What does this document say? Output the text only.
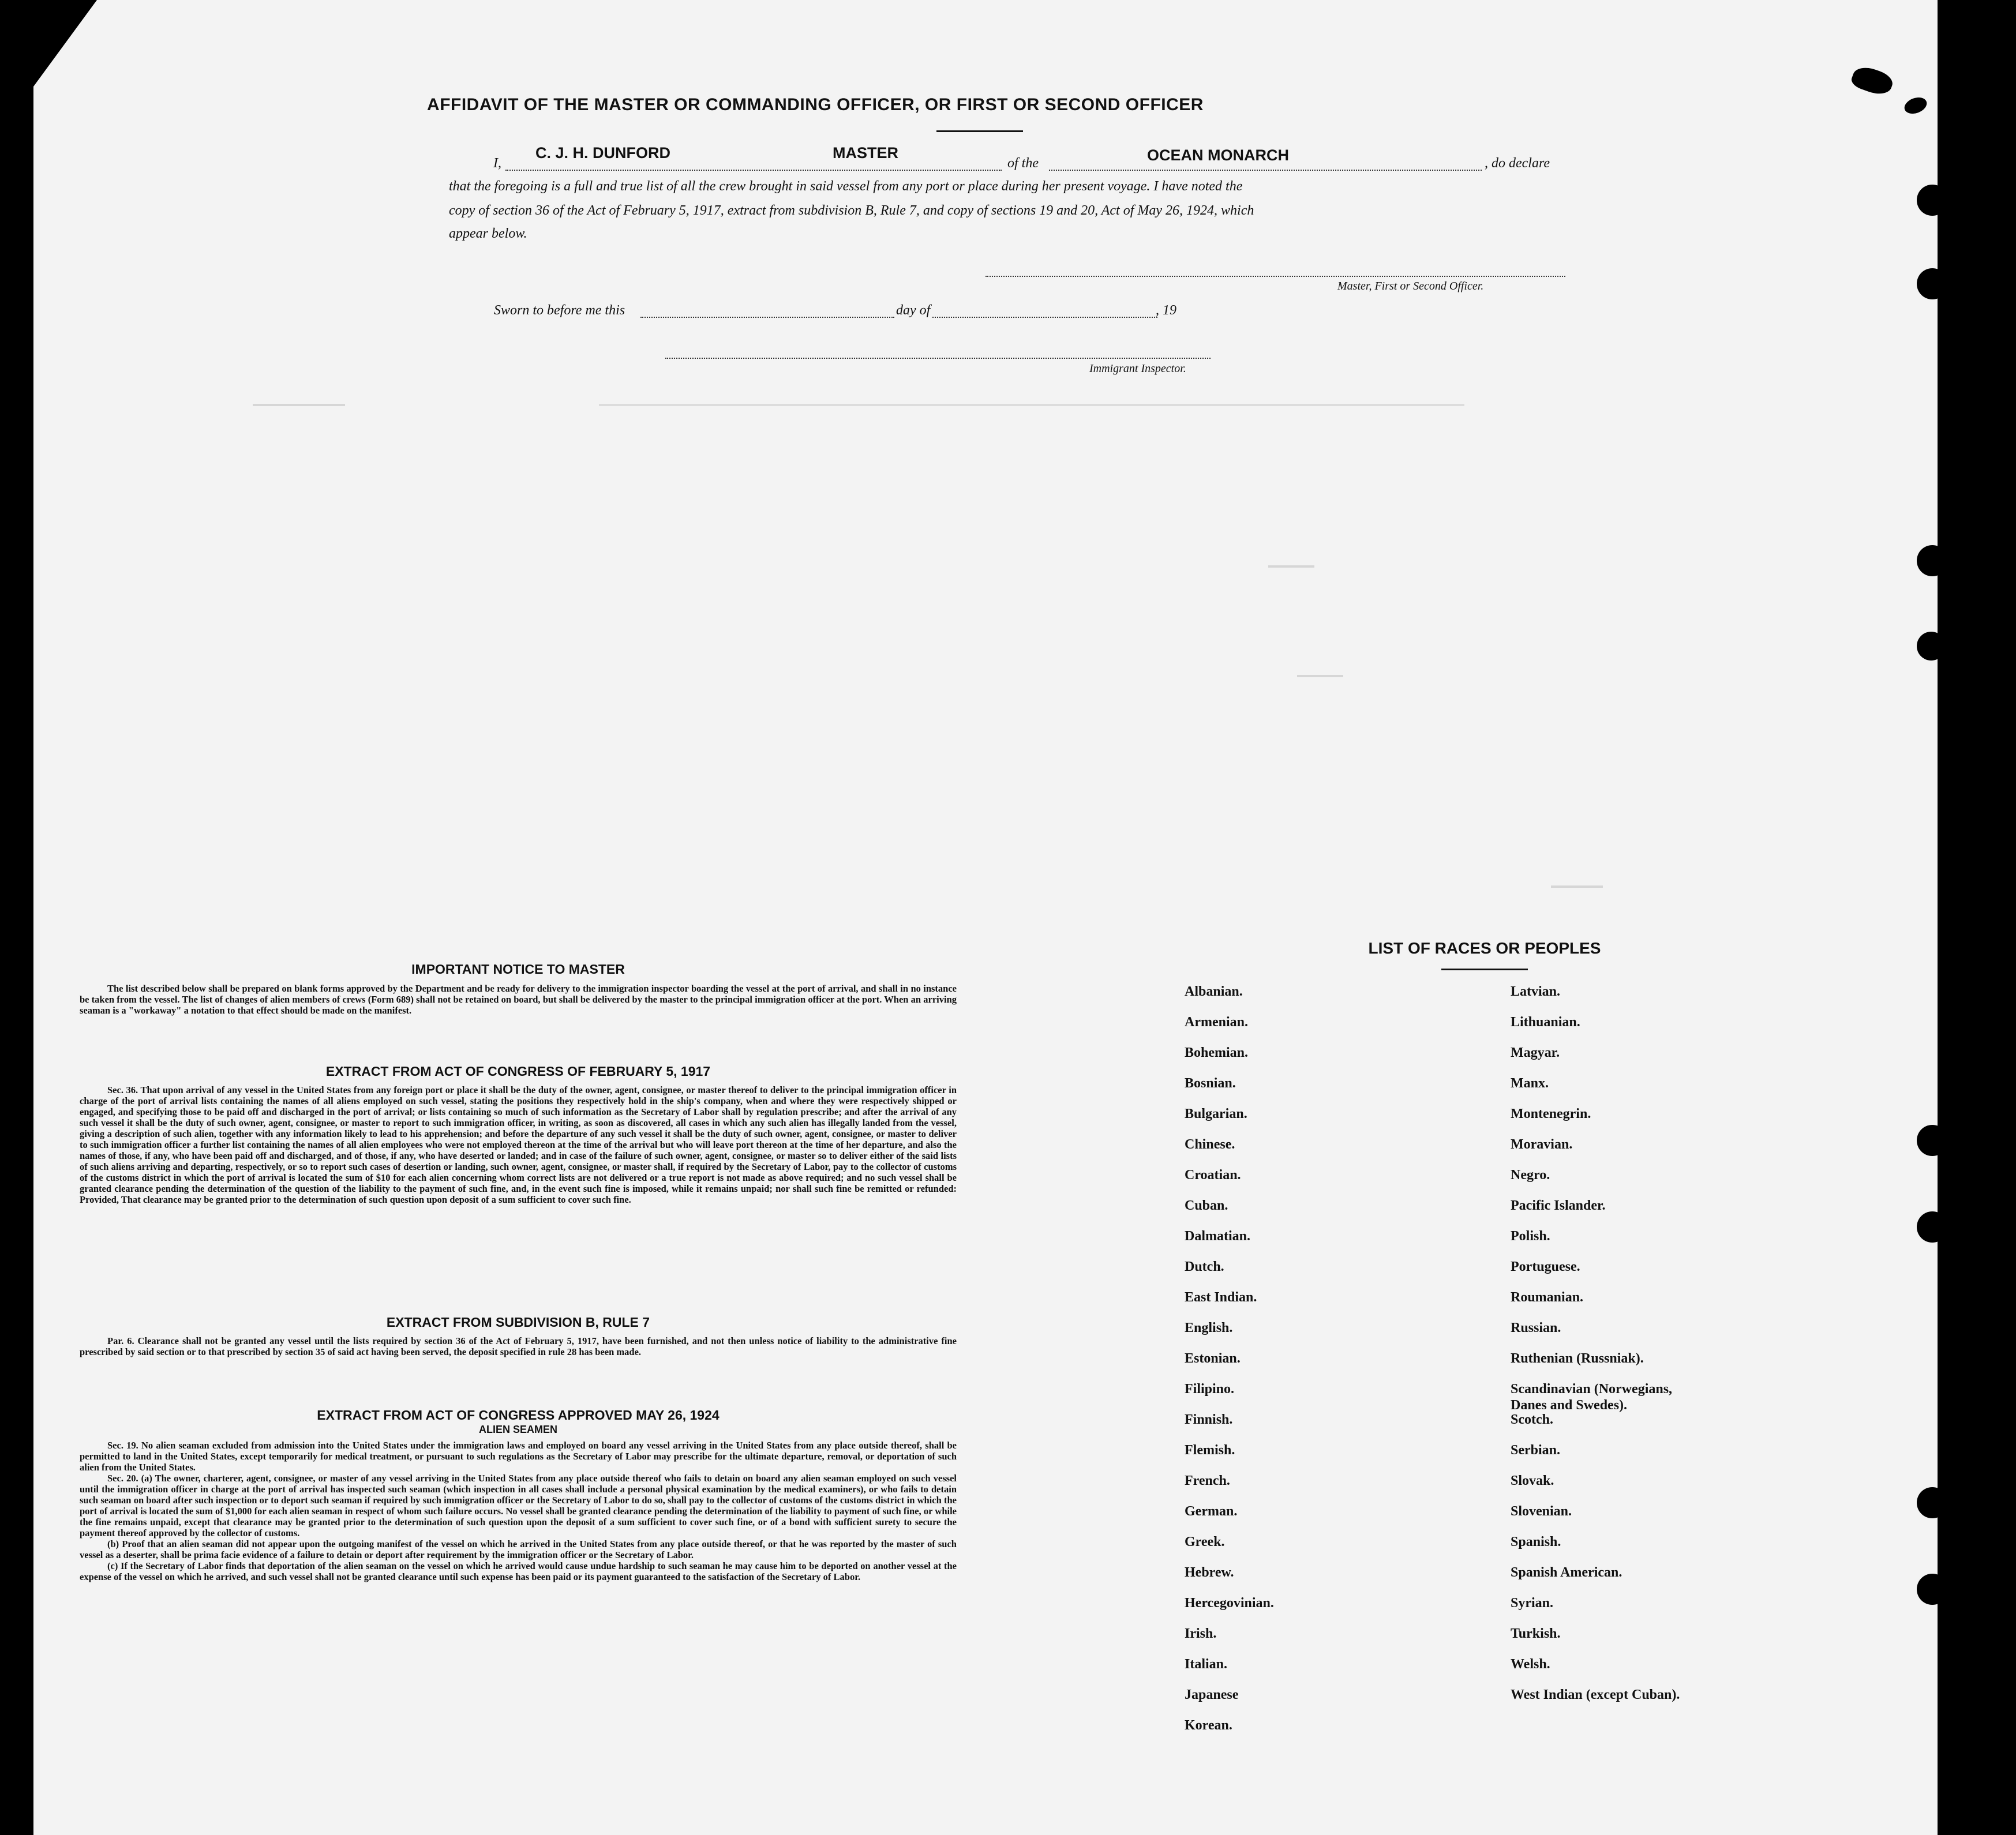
AFFIDAVIT OF THE MASTER OR COMMANDING OFFICER, OR FIRST OR SECOND OFFICER
I,
C. J. H. DUNFORD	MASTER
of the	OCEAN MONARCH	, do declare
that the foregoing is a full and true list of all the crew brought in said vessel from any port or place during her present voyage. I have noted the
copy of section 36 of the Act of February 5, 1917, extract from subdivision B, Rule 7, and copy of sections 19 and 20, Act of May 26, 1924, which
appear below.
Master, First or Second Officer.
Sworn to before me this	day of	, 19
Immigrant Inspector.
IMPORTANT NOTICE TO MASTER

The list described below shall be prepared on blank forms approved by the Department and be ready for delivery to the immigration inspector boarding the vessel at the port of arrival, and shall in no instance be taken from the vessel. The list of changes of alien members of crews (Form 689) shall not be retained on board, but shall be delivered by the master to the principal immigration officer at the port. When an arriving seaman is a "workaway" a notation to that effect should be made on the manifest.

EXTRACT FROM ACT OF CONGRESS OF FEBRUARY 5, 1917

Sec. 36. That upon arrival of any vessel in the United States from any foreign port or place it shall be the duty of the owner, agent, consignee, or master thereof to deliver to the principal immigration officer in charge of the port of arrival lists containing the names of all aliens employed on such vessel, stating the positions they respectively hold in the ship's company, when and where they were respectively shipped or engaged, and specifying those to be paid off and discharged in the port of arrival; or lists containing so much of such information as the Secretary of Labor shall by regulation prescribe; and after the arrival of any such vessel it shall be the duty of such owner, agent, consignee, or master to report to such immigration officer, in writing, as soon as discovered, all cases in which any such alien has illegally landed from the vessel, giving a description of such alien, together with any information likely to lead to his apprehension; and before the departure of any such vessel it shall be the duty of such owner, agent, consignee, or master to deliver to such immigration officer a further list containing the names of all alien employees who were not employed thereon at the time of the arrival but who will leave port thereon at the time of her departure, and also the names of those, if any, who have been paid off and discharged, and of those, if any, who have deserted or landed; and in case of the failure of such owner, agent, consignee, or master so to deliver either of the said lists of such aliens arriving and departing, respectively, or so to report such cases of desertion or landing, such owner, agent, consignee, or master shall, if required by the Secretary of Labor, pay to the collector of customs of the customs district in which the port of arrival is located the sum of $10 for each alien concerning whom correct lists are not delivered or a true report is not made as above required; and no such vessel shall be granted clearance pending the determination of the question of the liability to the payment of such fine, and, in the event such fine is imposed, while it remains unpaid; nor shall such fine be remitted or refunded: Provided, That clearance may be granted prior to the determination of such question upon deposit of a sum sufficient to cover such fine.

EXTRACT FROM SUBDIVISION B, RULE 7

Par. 6. Clearance shall not be granted any vessel until the lists required by section 36 of the Act of February 5, 1917, have been furnished, and not then unless notice of liability to the administrative fine prescribed by said section or to that prescribed by section 35 of said act having been served, the deposit specified in rule 28 has been made.

EXTRACT FROM ACT OF CONGRESS APPROVED MAY 26, 1924
ALIEN SEAMEN

Sec. 19. No alien seaman excluded from admission into the United States under the immigration laws and employed on board any vessel arriving in the United States from any place outside thereof, shall be permitted to land in the United States, except temporarily for medical treatment, or pursuant to such regulations as the Secretary of Labor may prescribe for the ultimate departure, removal, or deportation of such alien from the United States.

Sec. 20. (a) The owner, charterer, agent, consignee, or master of any vessel arriving in the United States from any place outside thereof who fails to detain on board any alien seaman employed on such vessel until the immigration officer in charge at the port of arrival has inspected such seaman (which inspection in all cases shall include a personal physical examination by the medical examiners), or who fails to detain such seaman on board after such inspection or to deport such seaman if required by such immigration officer or the Secretary of Labor to do so, shall pay to the collector of customs of the customs district in which the port of arrival is located the sum of $1,000 for each alien seaman in respect of whom such failure occurs. No vessel shall be granted clearance pending the determination of the liability to payment of such fine, or while the fine remains unpaid, except that clearance may be granted prior to the determination of such question upon the deposit of a sum sufficient to cover such fine, or of a bond with sufficient surety to secure the payment thereof approved by the collector of customs.

(b) Proof that an alien seaman did not appear upon the outgoing manifest of the vessel on which he arrived in the United States from any place outside thereof, or that he was reported by the master of such vessel as a deserter, shall be prima facie evidence of a failure to detain or deport after requirement by the immigration officer or the Secretary of Labor.

(c) If the Secretary of Labor finds that deportation of the alien seaman on the vessel on which he arrived would cause undue hardship to such seaman he may cause him to be deported on another vessel at the expense of the vessel on which he arrived, and such vessel shall not be granted clearance until such expense has been paid or its payment guaranteed to the satisfaction of the Secretary of Labor.

LIST OF RACES OR PEOPLES
Albanian.
Armenian.
Bohemian.
Bosnian.
Bulgarian.
Chinese.
Croatian.
Cuban.
Dalmatian.
Dutch.
East Indian.
English.
Estonian.
Filipino.
Finnish.
Flemish.
French.
German.
Greek.
Hebrew.
Hercegovinian.
Irish.
Italian.
Japanese
Korean.
Latvian.
Lithuanian.
Magyar.
Manx.
Montenegrin.
Moravian.
Negro.
Pacific Islander.
Polish.
Portuguese.
Roumanian.
Russian.
Ruthenian (Russniak).
Scandinavian (Norwegians,
Danes and Swedes).
Scotch.
Serbian.
Slovak.
Slovenian.
Spanish.
Spanish American.
Syrian.
Turkish.
Welsh.
West Indian (except Cuban).
